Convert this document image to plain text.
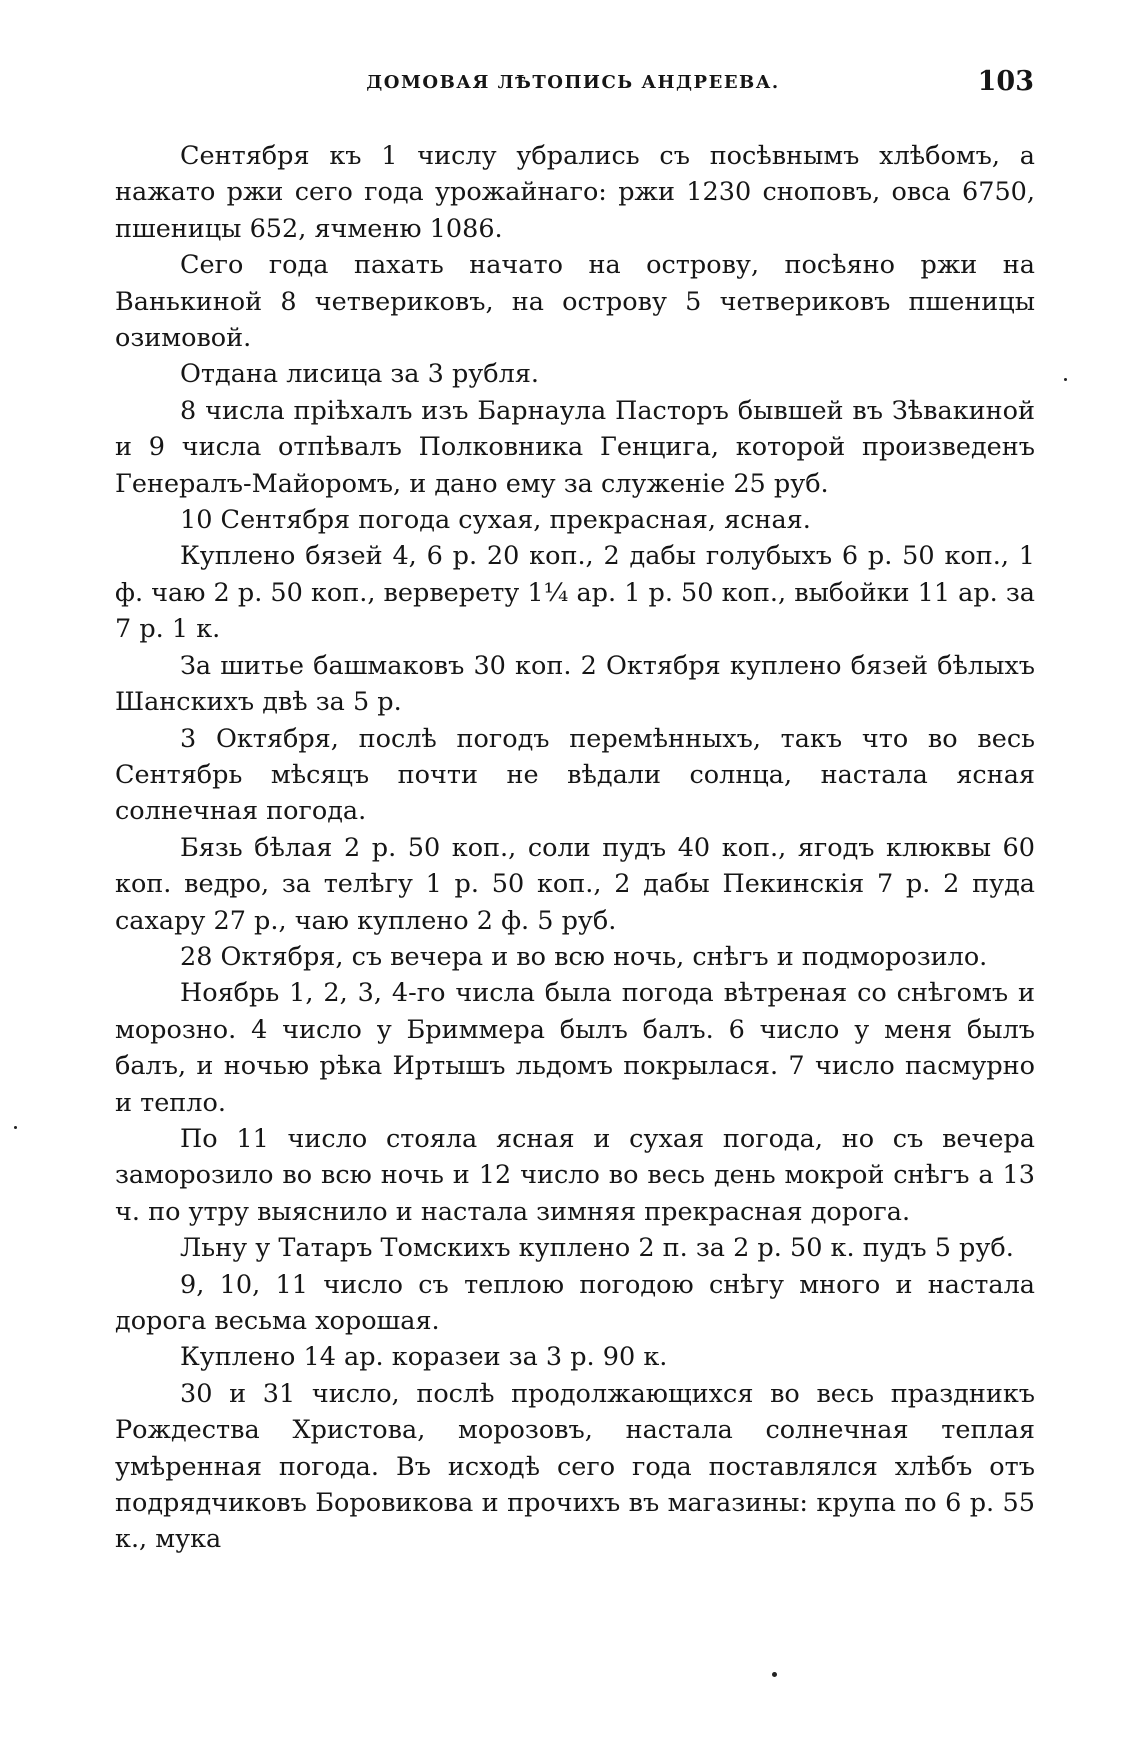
ДОМОВАЯ ЛѢТОПИСЬ АНДРЕЕВА.	103

Сентября къ 1 числу убрались съ посѣвнымъ хлѣбомъ, а нажато ржи сего года урожайнаго: ржи 1230 сноповъ, овса 6750, пшеницы 652, ячменю 1086.

Сего года пахать начато на острову, посѣяно ржи на Ванькиной 8 четвериковъ, на острову 5 четвериковъ пшеницы озимовой.

Отдана лисица за 3 рубля.

8 числа прiѣхалъ изъ Барнаула Пасторъ бывшей въ Зѣвакиной и 9 числа отпѣвалъ Полковника Генцига, которой произведенъ Генералъ-Майоромъ, и дано ему за служенiе 25 руб.

10 Сентября погода сухая, прекрасная, ясная.

Куплено бязей 4, 6 р. 20 коп., 2 дабы голубыхъ 6 р. 50 коп., 1 ф. чаю 2 р. 50 коп., верверету 1¼ ар. 1 р. 50 коп., выбойки 11 ар. за 7 р. 1 к.

За шитье башмаковъ 30 коп. 2 Октября куплено бязей бѣлыхъ Шанскихъ двѣ за 5 р.

3 Октября, послѣ погодъ перемѣнныхъ, такъ что во весь Сентябрь мѣсяцъ почти не вѣдали солнца, настала ясная солнечная погода.

Бязь бѣлая 2 р. 50 коп., соли пудъ 40 коп., ягодъ клюквы 60 коп. ведро, за телѣгу 1 р. 50 коп., 2 дабы Пекинскiя 7 р. 2 пуда сахару 27 р., чаю куплено 2 ф. 5 руб.

28 Октября, съ вечера и во всю ночь, снѣгъ и подморозило.

Ноябрь 1, 2, 3, 4-го числа была погода вѣтреная со снѣгомъ и морозно. 4 число у Бриммера былъ балъ. 6 число у меня былъ балъ, и ночью рѣка Иртышъ льдомъ покрылася. 7 число пасмурно и тепло.

По 11 число стояла ясная и сухая погода, но съ вечера заморозило во всю ночь и 12 число во весь день мокрой снѣгъ а 13 ч. по утру выяснило и настала зимняя прекрасная дорога.

Льну у Татаръ Томскихъ куплено 2 п. за 2 р. 50 к. пудъ 5 руб.

9, 10, 11 число съ теплою погодою снѣгу много и настала дорога весьма хорошая.

Куплено 14 ар. коразеи за 3 р. 90 к.

30 и 31 число, послѣ продолжающихся во весь праздникъ Рождества Христова, морозовъ, настала солнечная теплая умѣренная погода. Въ исходѣ сего года поставлялся хлѣбъ отъ подрядчиковъ Боровикова и прочихъ въ магазины: крупа по 6 р. 55 к., мука
